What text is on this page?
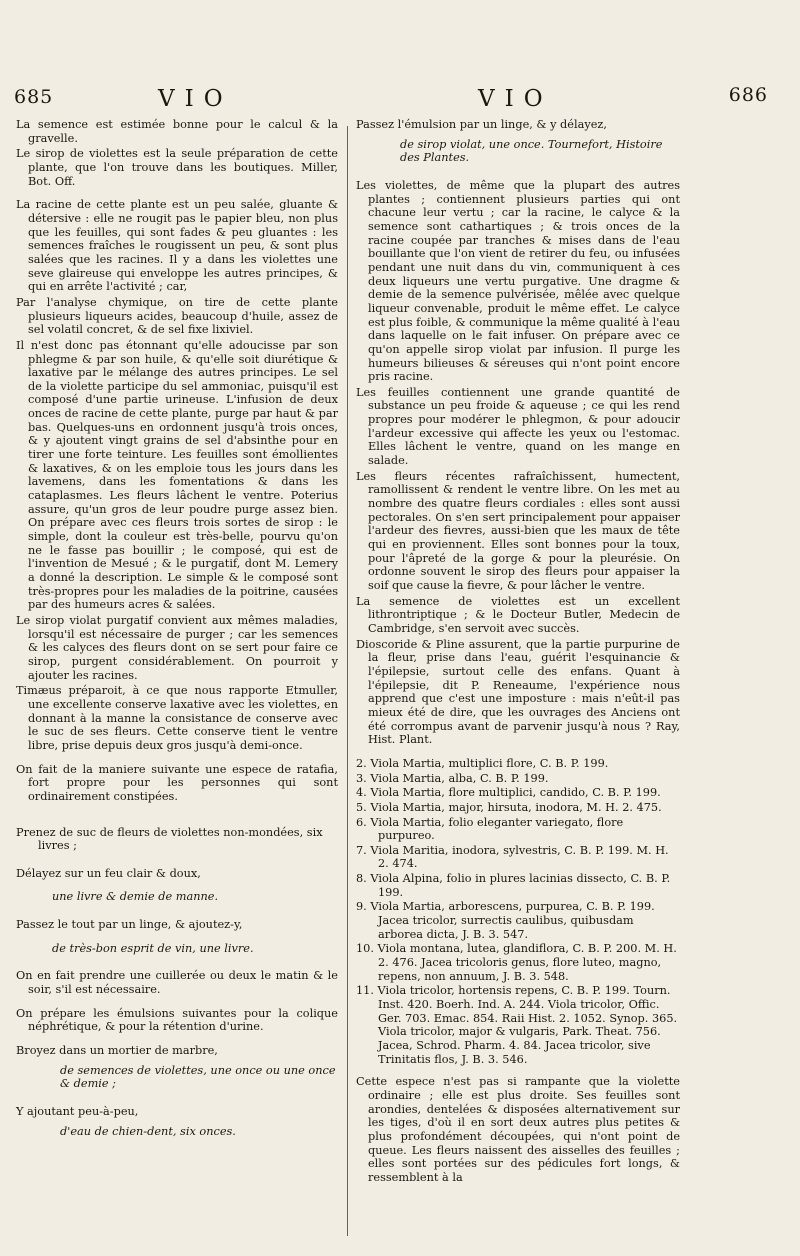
685	VIO	VIO	686
La semence est estimée bonne pour le calcul & la gravelle.
Le sirop de violettes est la seule préparation de cette plante, que l'on trouve dans les boutiques. Miller, Bot. Off.
La racine de cette plante est un peu salée, gluante & détersive : elle ne rougit pas le papier bleu, non plus que les feuilles, qui sont fades & peu gluantes : les semences fraîches le rougissent un peu, & sont plus salées que les racines. Il y a dans les violettes une seve glaireuse qui enveloppe les autres principes, & qui en arrête l'activité ; car,
Par l'analyse chymique, on tire de cette plante plusieurs liqueurs acides, beaucoup d'huile, assez de sel volatil concret, & de sel fixe lixiviel.
Il n'est donc pas étonnant qu'elle adoucisse par son phlegme & par son huile, & qu'elle soit diurétique & laxative par le mélange des autres principes. Le sel de la violette participe du sel ammoniac, puisqu'il est composé d'une partie urineuse. L'infusion de deux onces de racine de cette plante, purge par haut & par bas. Quelques-uns en ordonnent jusqu'à trois onces, & y ajoutent vingt grains de sel d'absinthe pour en tirer une forte teinture. Les feuilles sont émollientes & laxatives, & on les emploie tous les jours dans les lavemens, dans les fomentations & dans les cataplasmes. Les fleurs lâchent le ventre. Poterius assure, qu'un gros de leur poudre purge assez bien. On prépare avec ces fleurs trois sortes de sirop : le simple, dont la couleur est très-belle, pourvu qu'on ne le fasse pas bouillir ; le composé, qui est de l'invention de Mesué ; & le purgatif, dont M. Lemery a donné la description. Le simple & le composé sont très-propres pour les maladies de la poitrine, causées par des humeurs acres & salées.
Le sirop violat purgatif convient aux mêmes maladies, lorsqu'il est nécessaire de purger ; car les semences & les calyces des fleurs dont on se sert pour faire ce sirop, purgent considérablement. On pourroit y ajouter les racines.
Timæus préparoit, à ce que nous rapporte Etmuller, une excellente conserve laxative avec les violettes, en donnant à la manne la consistance de conserve avec le suc de ses fleurs. Cette conserve tient le ventre libre, prise depuis deux gros jusqu'à demi-once.
On fait de la maniere suivante une espece de ratafia, fort propre pour les personnes qui sont ordinairement constipées.
Prenez de suc de fleurs de violettes non-mondées, six livres ;
Délayez sur un feu clair & doux,
une livre & demie de manne.
Passez le tout par un linge, & ajoutez-y,
de très-bon esprit de vin, une livre.
On en fait prendre une cuillerée ou deux le matin & le soir, s'il est nécessaire.
On prépare les émulsions suivantes pour la colique néphrétique, & pour la rétention d'urine.
Broyez dans un mortier de marbre,
de semences de violettes, une once ou une once & demie ;
Y ajoutant peu-à-peu,
d'eau de chien-dent, six onces.
Passez l'émulsion par un linge, & y délayez,
de sirop violat, une once. Tournefort, Histoire des Plantes.
Les violettes, de même que la plupart des autres plantes ; contiennent plusieurs parties qui ont chacune leur vertu ; car la racine, le calyce & la semence sont cathartiques ; & trois onces de la racine coupée par tranches & mises dans de l'eau bouillante que l'on vient de retirer du feu, ou infusées pendant une nuit dans du vin, communiquent à ces deux liqueurs une vertu purgative. Une dragme & demie de la semence pulvérisée, mêlée avec quelque liqueur convenable, produit le même effet. Le calyce est plus foible, & communique la même qualité à l'eau dans laquelle on le fait infuser. On prépare avec ce qu'on appelle sirop violat par infusion. Il purge les humeurs bilieuses & séreuses qui n'ont point encore pris racine.
Les feuilles contiennent une grande quantité de substance un peu froide & aqueuse ; ce qui les rend propres pour modérer le phlegmon, & pour adoucir l'ardeur excessive qui affecte les yeux ou l'estomac. Elles lâchent le ventre, quand on les mange en salade.
Les fleurs récentes rafraîchissent, humectent, ramollissent & rendent le ventre libre. On les met au nombre des quatre fleurs cordiales : elles sont aussi pectorales. On s'en sert principalement pour appaiser l'ardeur des fievres, aussi-bien que les maux de tête qui en proviennent. Elles sont bonnes pour la toux, pour l'âpreté de la gorge & pour la pleurésie. On ordonne souvent le sirop des fleurs pour appaiser la soif que cause la fievre, & pour lâcher le ventre.
La semence de violettes est un excellent lithrontriptique ; & le Docteur Butler, Medecin de Cambridge, s'en servoit avec succès.
Dioscoride & Pline assurent, que la partie purpurine de la fleur, prise dans l'eau, guérit l'esquinancie & l'épilepsie, surtout celle des enfans. Quant à l'épilepsie, dit P. Reneaume, l'expérience nous apprend que c'est une imposture : mais n'eût-il pas mieux été de dire, que les ouvrages des Anciens ont été corrompus avant de parvenir jusqu'à nous ? Ray, Hist. Plant.
2. Viola Martia, multiplici flore, C. B. P. 199.
3. Viola Martia, alba, C. B. P. 199.
4. Viola Martia, flore multiplici, candido, C. B. P. 199.
5. Viola Martia, major, hirsuta, inodora, M. H. 2. 475.
6. Viola Martia, folio eleganter variegato, flore purpureo.
7. Viola Maritia, inodora, sylvestris, C. B. P. 199. M. H. 2. 474.
8. Viola Alpina, folio in plures lacinias dissecto, C. B. P. 199.
9. Viola Martia, arborescens, purpurea, C. B. P. 199. Jacea tricolor, surrectis caulibus, quibusdam arborea dicta, J. B. 3. 547.
10. Viola montana, lutea, glandiflora, C. B. P. 200. M. H. 2. 476. Jacea tricoloris genus, flore luteo, magno, repens, non annuum, J. B. 3. 548.
11. Viola tricolor, hortensis repens, C. B. P. 199. Tourn. Inst. 420. Boerh. Ind. A. 244. Viola tricolor, Offic. Ger. 703. Emac. 854. Raii Hist. 2. 1052. Synop. 365. Viola tricolor, major & vulgaris, Park. Theat. 756. Jacea, Schrod. Pharm. 4. 84. Jacea tricolor, sive Trinitatis flos, J. B. 3. 546.
Cette espece n'est pas si rampante que la violette ordinaire ; elle est plus droite. Ses feuilles sont arondies, dentelées & disposées alternativement sur les tiges, d'où il en sort deux autres plus petites & plus profondément découpées, qui n'ont point de queue. Les fleurs naissent des aisselles des feuilles ; elles sont portées sur des pédicules fort longs, & ressemblent à la
